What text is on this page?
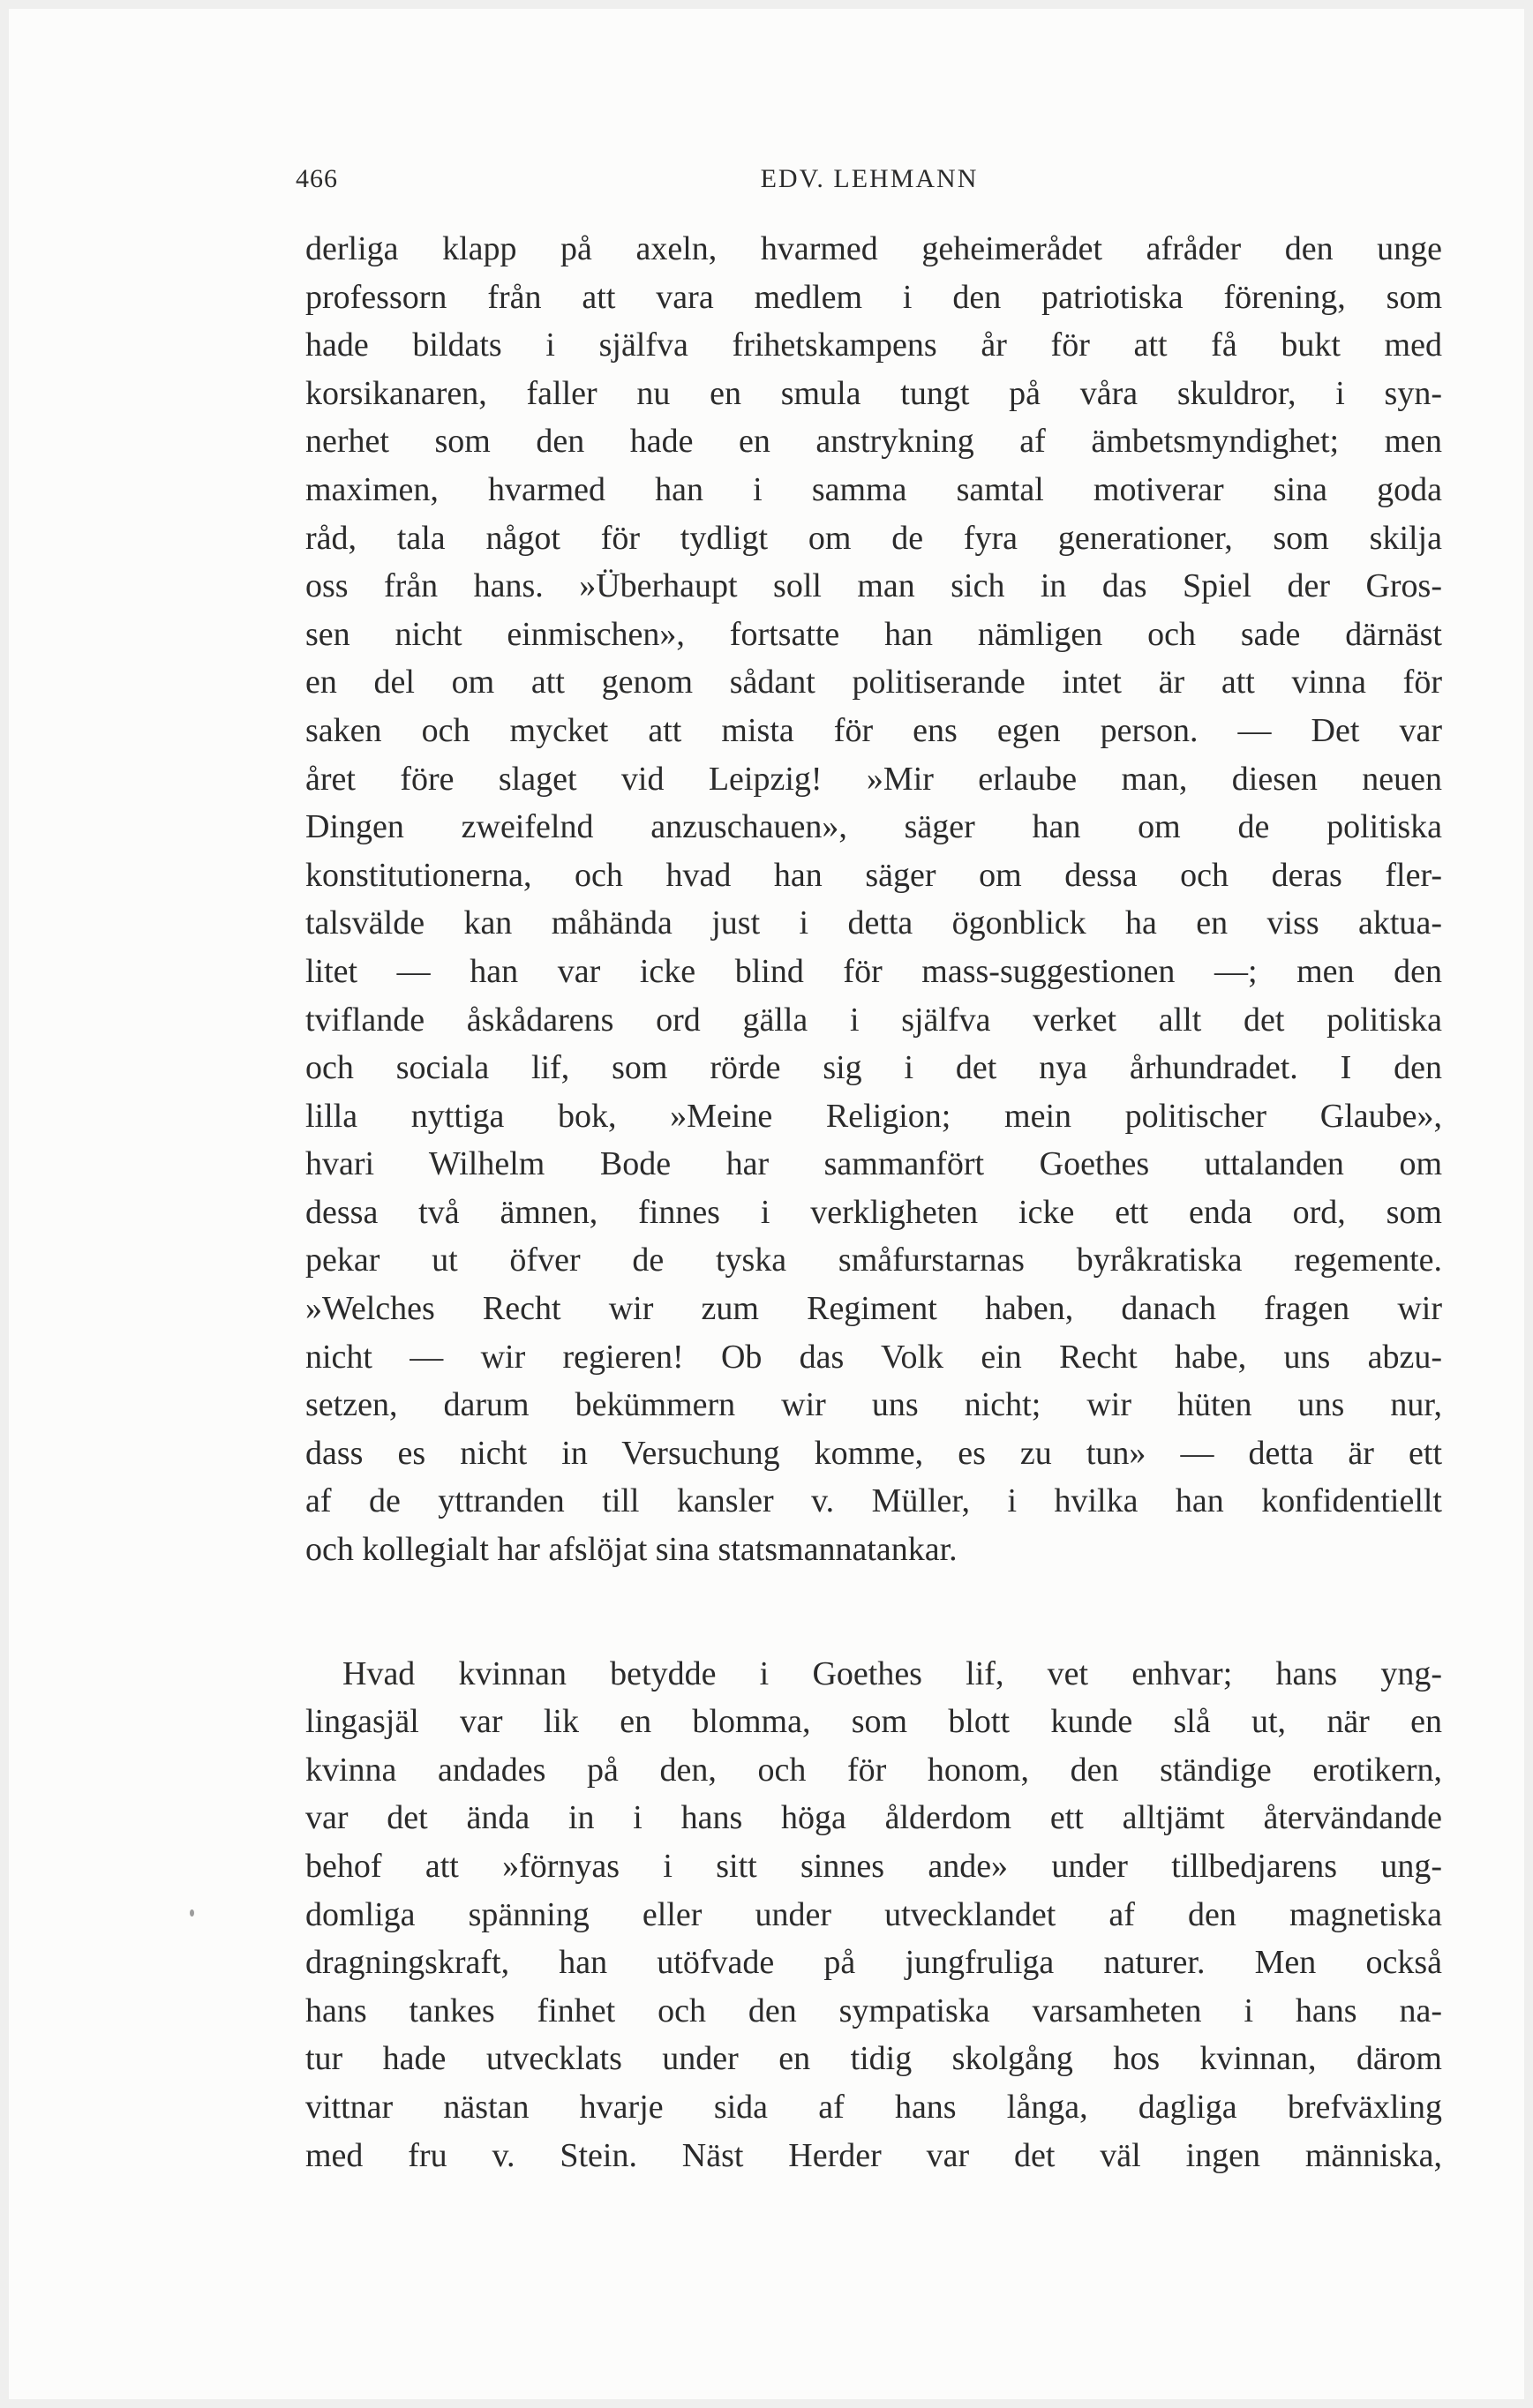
466	EDV. LEHMANN
derliga klapp på axeln, hvarmed geheimerådet afråder den unge
professorn från att vara medlem i den patriotiska förening, som
hade bildats i själfva frihetskampens år för att få bukt med
korsikanaren, faller nu en smula tungt på våra skuldror, i syn-
nerhet som den hade en anstrykning af ämbetsmyndighet; men
maximen, hvarmed han i samma samtal motiverar sina goda
råd, tala något för tydligt om de fyra generationer, som skilja
oss från hans. »Überhaupt soll man sich in das Spiel der Gros-
sen nicht einmischen», fortsatte han nämligen och sade därnäst
en del om att genom sådant politiserande intet är att vinna för
saken och mycket att mista för ens egen person. — Det var
året före slaget vid Leipzig! »Mir erlaube man, diesen neuen
Dingen zweifelnd anzuschauen», säger han om de politiska
konstitutionerna, och hvad han säger om dessa och deras fler-
talsvälde kan måhända just i detta ögonblick ha en viss aktua-
litet — han var icke blind för mass-suggestionen —; men den
tviflande åskådarens ord gälla i själfva verket allt det politiska
och sociala lif, som rörde sig i det nya århundradet. I den
lilla nyttiga bok, »Meine Religion; mein politischer Glaube»,
hvari Wilhelm Bode har sammanfört Goethes uttalanden om
dessa två ämnen, finnes i verkligheten icke ett enda ord, som
pekar ut öfver de tyska småfurstarnas byråkratiska regemente.
»Welches Recht wir zum Regiment haben, danach fragen wir
nicht — wir regieren! Ob das Volk ein Recht habe, uns abzu-
setzen, darum bekümmern wir uns nicht; wir hüten uns nur,
dass es nicht in Versuchung komme, es zu tun» — detta är ett
af de yttranden till kansler v. Müller, i hvilka han konfidentiellt
och kollegialt har afslöjat sina statsmannatankar.
Hvad kvinnan betydde i Goethes lif, vet enhvar; hans yng-
lingasjäl var lik en blomma, som blott kunde slå ut, när en
kvinna andades på den, och för honom, den ständige erotikern,
var det ända in i hans höga ålderdom ett alltjämt återvändande
behof att »förnyas i sitt sinnes ande» under tillbedjarens ung-
domliga spänning eller under utvecklandet af den magnetiska
dragningskraft, han utöfvade på jungfruliga naturer. Men också
hans tankes finhet och den sympatiska varsamheten i hans na-
tur hade utvecklats under en tidig skolgång hos kvinnan, därom
vittnar nästan hvarje sida af hans långa, dagliga brefväxling
med fru v. Stein. Näst Herder var det väl ingen människa,
